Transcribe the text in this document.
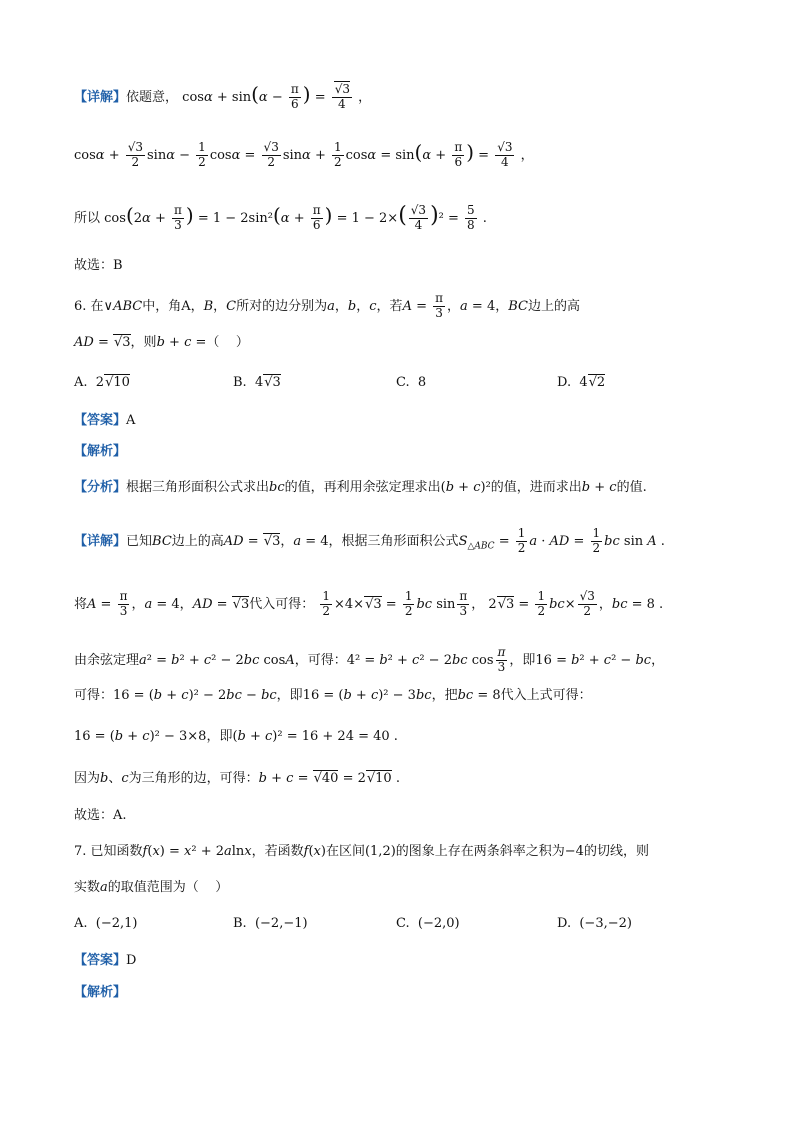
【详解】依题意， $\cos\alpha + \sin(\alpha - \frac{\pi}{6}$ ) = $\frac{√3}{4}$ ，
$\cos\alpha + \frac{√3}{2}$ $\sin\alpha - \frac{1}{2}$ $\cos\alpha = \frac{√3}{2}$ $\sin\alpha + \frac{1}{2}$ $\cos\alpha = \sin(\alpha + \frac{\pi}{6}$ ) = $\frac{√3}{4}$ ，
所以 $\cos(2\alpha + \frac{\pi}{3}$ ) = $1 - 2\sin^2(\alpha + \frac{\pi}{6}$ ) = $1 - 2\times( \frac{√3}{4} )^2 = \frac{5}{8}$ .
故选：B
6. 在∨ABC中，角A，B，C所对的边分别为a，b，c，若$A = \frac{\pi}{3}$ ，a = 4，BC边上的高
AD = √3，则b + c =（    ）
A.  2√10	B.  4√3	C.  8	D.  4√2
【答案】A
【解析】
【分析】根据三角形面积公式求出bc的值，再利用余弦定理求出(b + c)²的值，进而求出b + c的值.
【详解】已知BC边上的高AD = √3，a = 4，根据三角形面积公式$S_{\triangle ABC} = \frac{1}{2}$ a · AD = $\frac{1}{2}$ bc sin A .
将$A = \frac{\pi}{3}$ ，a = 4，AD = √3代入可得： $\frac{1}{2} \times 4\times√3 = \frac{1}{2}$ bc $\sin \frac{\pi}{3}$ ， $2√3 = \frac{1}{2} bc\times \frac{√3}{2}$ ，bc = 8 .
由余弦定理a² = b² + c² − 2bc cosA，可得：4² = b² + c² − 2bc $\cos \frac{\pi}{3}$ ，即16 = b² + c² − bc，
可得：16 = (b + c)² − 2bc − bc，即16 = (b + c)² − 3bc，把bc = 8代入上式可得：
16 = (b + c)² − 3×8，即(b + c)² = 16 + 24 = 40 .
因为b、c为三角形的边，可得：b + c = √40 = 2√10 .
故选：A.
7. 已知函数f(x) = x² + 2alnx，若函数f(x)在区间(1,2)的图象上存在两条斜率之积为−4的切线，则
实数a的取值范围为（    ）
A. (−2,1)	B. (−2,−1)	C. (−2,0)	D. (−3,−2)
【答案】D
【解析】
